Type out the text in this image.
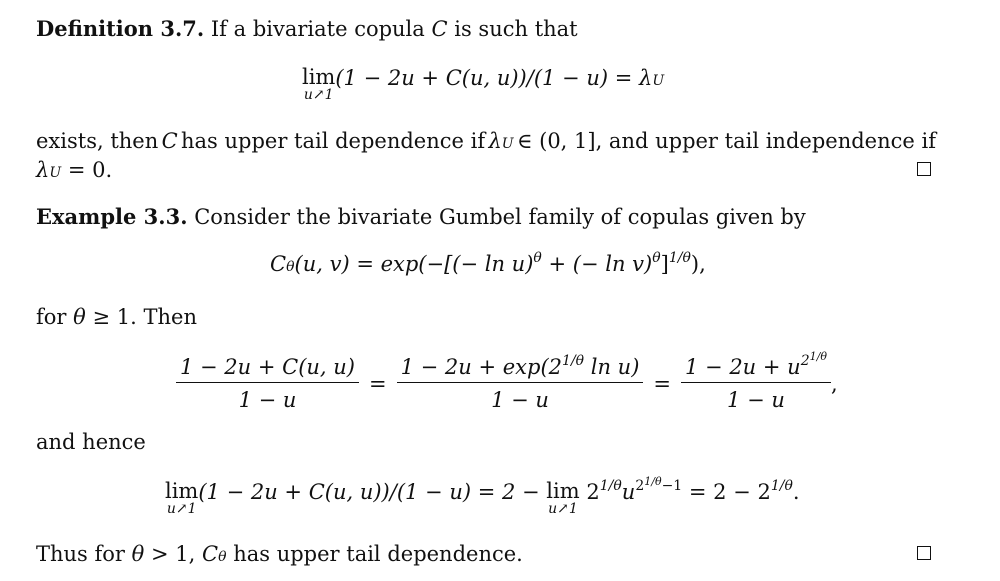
Definition 3.7. If a bivariate copula C is such that
lim
u↗1
(1 − 2u + C(u, u))/(1 − u) = λU
exists, then C has upper tail dependence if λU ∈ (0, 1], and upper tail independence if
λU = 0.
Example 3.3. Consider the bivariate Gumbel family of copulas given by
Cθ(u, $v) = \exp(-[(- \ln u)^\theta$ + (− ln v)$^\theta$]$^{1/\theta}$),
for θ ≥ 1. Then
$\frac{1 - 2u + C(u, u)}{1 - u} = \frac{1 - 2u + \exp(2^{1/\theta} \ln u)}{1 - u} = \frac{1 - 2u + u^{21/\theta}}{1 - u}$ ,
and hence
lim
u↗1
(1 − 2u + C(u, u))/(1 − u) = 2 − lim
u↗1
$2^{1/\theta}u^{21/\theta-1} = 2 - 2^{1/\theta}$.
Thus for θ > 1, Cθ has upper tail dependence.
